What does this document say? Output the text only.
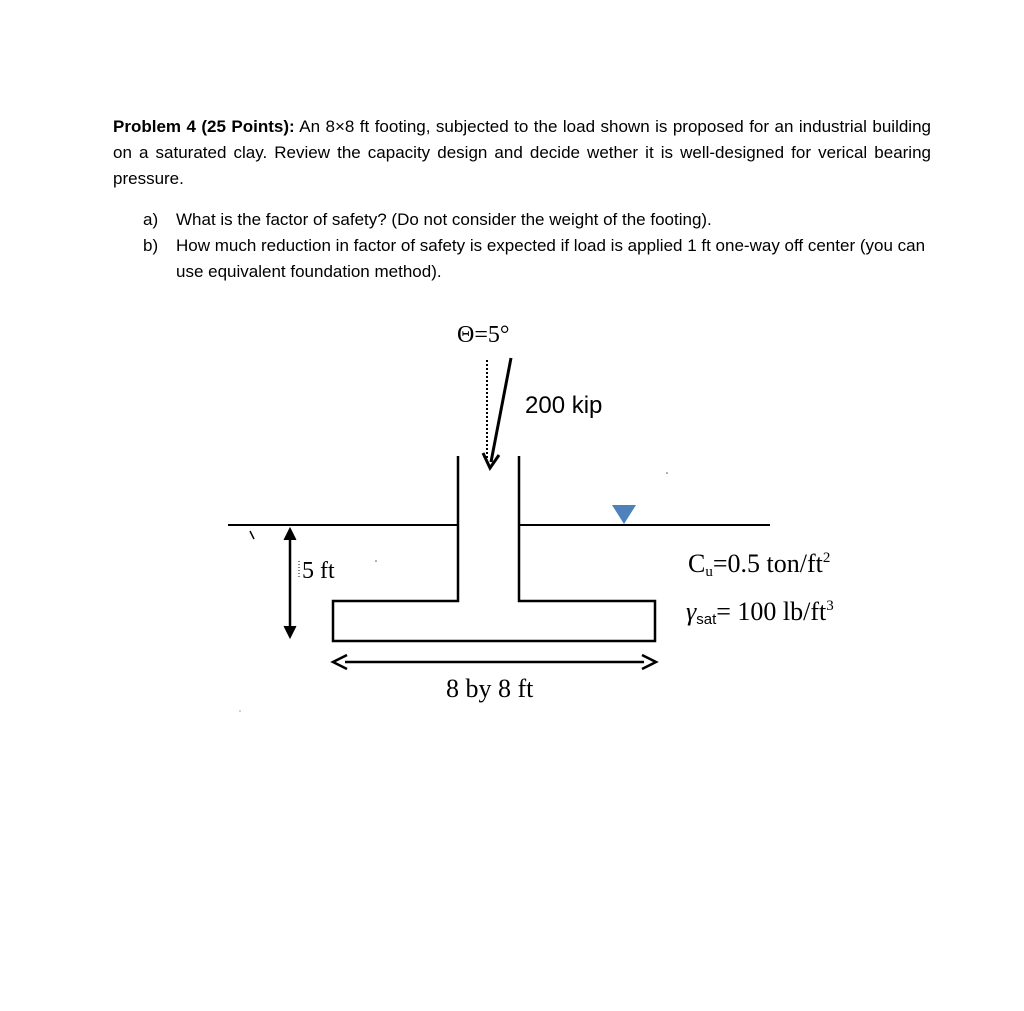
Problem 4 (25 Points): An 8×8 ft footing, subjected to the load shown is proposed for an industrial building on a saturated clay. Review the capacity design and decide wether it is well-designed for verical bearing pressure.
a)	What is the factor of safety? (Do not consider the weight of the footing).
b)	How much reduction in factor of safety is expected if load is applied 1 ft one-way off center (you can use equivalent foundation method).
Θ=5°
200 kip
5 ft
8 by 8 ft
Cu=0.5 ton/$ft^2$
γsat= 100 $lb/ft^3$
